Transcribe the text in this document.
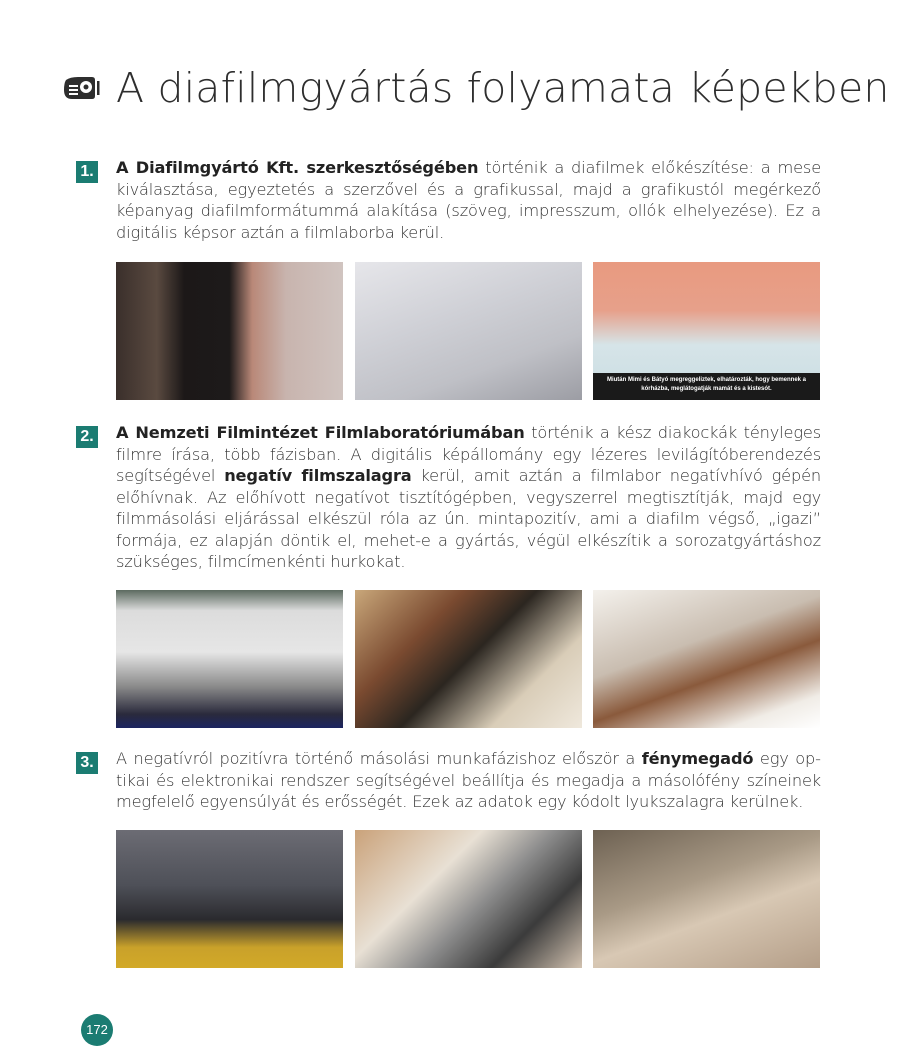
A diafilmgyártás folyamata képekben
1. A Diafilmgyártó Kft. szerkesztőségében történik a diafilmek előkészítése: a mese kiválasztása, egyeztetés a szerzővel és a grafikussal, majd a grafikustól megérkező képanyag diafilmformátummá alakítása (szöveg, impresszum, ollók elhelyezése). Ez a digitális képsor aztán a filmlaborba kerül.

Miután Mimi és Bátyó megreggeliztek, elhatározták, hogy bemennek a kórházba, meglátogatják mamát és a kistesót.
2. A Nemzeti Filmintézet Filmlaboratóriumában történik a kész diakockák tényleges filmre írása, több fázisban. A digitális képállomány egy lézeres levilágítóberendezés segítségével negatív filmszalagra kerül, amit aztán a filmlabor negatívhívó gépén előhívnak. Az előhívott negatívot tisztítógépben, vegyszerrel megtisztítják, majd egy filmmásolási eljárással elkészül róla az ún. mintapozitív, ami a diafilm végső, „igazi” formája, ez alapján döntik el, mehet-e a gyártás, végül elkészítik a sorozatgyártáshoz szükséges, filmcímenkénti hurkokat.

3. A negatívról pozitívra történő másolási munkafázishoz először a fénymegadó egy optikai és elektronikai rendszer segítségével beállítja és megadja a másolófény színeinek megfelelő egyensúlyát és erősségét. Ezek az adatok egy kódolt lyukszalagra kerülnek.

172
